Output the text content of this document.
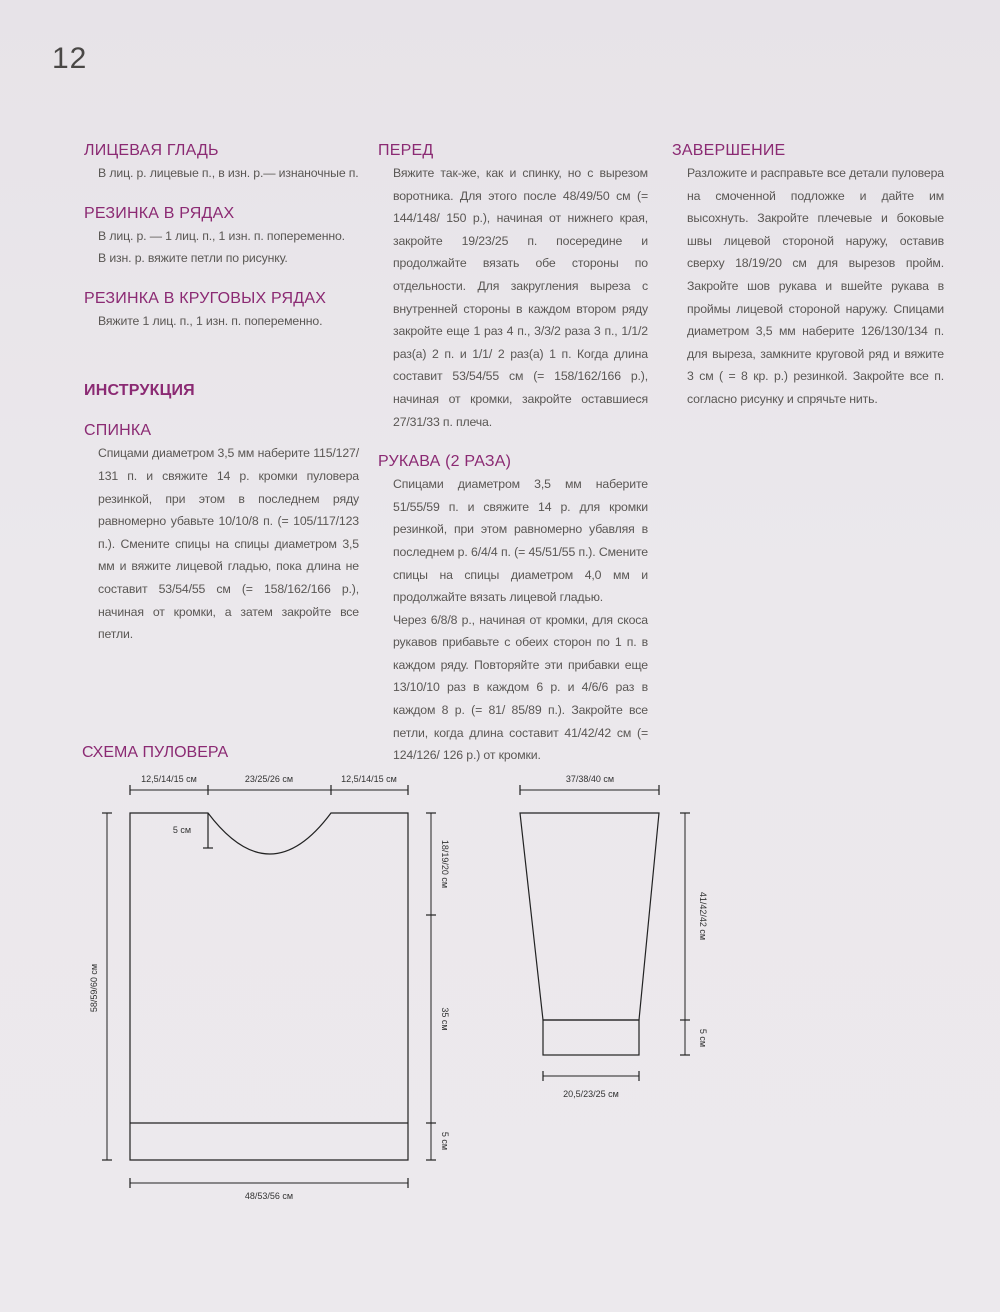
12
ЛИЦЕВАЯ ГЛАДЬ

В лиц. р. лицевые п., в изн. р.— изнаночные п.

РЕЗИНКА В РЯДАХ

В лиц. р. — 1 лиц. п., 1 изн. п. попеременно.

В изн. р. вяжите петли по рисунку.

РЕЗИНКА В КРУГОВЫХ РЯДАХ

Вяжите 1 лиц. п., 1 изн. п. попеременно.

ИНСТРУКЦИЯ
СПИНКА

Спицами диаметром 3,5 мм наберите 115/127/ 131 п. и свяжите 14 р. кромки пуловера резинкой, при этом в последнем ряду равномерно убавьте 10/10/8 п. (= 105/117/123 п.). Смените спицы на спицы диаметром 3,5 мм и вяжите лицевой гладью, пока длина не составит 53/54/55 см (= 158/162/166 р.), начиная от кромки, а затем закройте все петли.

ПЕРЕД

Вяжите так-же, как и спинку, но с вырезом воротника. Для этого после 48/49/50 см (= 144/148/ 150 р.), начиная от нижнего края, закройте 19/23/25 п. посередине и продолжайте вязать обе стороны по отдельности. Для закругления выреза с внутренней стороны в каждом втором ряду закройте еще 1 раз 4 п., 3/3/2 раза 3 п., 1/1/2 раз(а) 2 п. и 1/1/ 2 раз(а) 1 п. Когда длина составит 53/54/55 см (= 158/162/166 р.), начиная от кромки, закройте оставшиеся 27/31/33 п. плеча.

РУКАВА (2 РАЗА)

Спицами диаметром 3,5 мм наберите 51/55/59 п. и свяжите 14 р. для кромки резинкой, при этом равномерно убавляя в последнем р. 6/4/4 п. (= 45/51/55 п.). Смените спицы на спицы диаметром 4,0 мм и продолжайте вязать лицевой гладью.

Через 6/8/8 р., начиная от кромки, для скоса рукавов прибавьте с обеих сторон по 1 п. в каждом ряду. Повторяйте эти прибавки еще 13/10/10 раз в каждом 6 р. и 4/6/6 раз в каждом 8 р. (= 81/ 85/89 п.). Закройте все петли, когда длина составит 41/42/42 см (= 124/126/ 126 р.) от кромки.

ЗАВЕРШЕНИЕ

Разложите и расправьте все детали пуловера на смоченной подложке и дайте им высохнуть. Закройте плечевые и боковые швы лицевой стороной наружу, оставив сверху 18/19/20 см для вырезов пройм. Закройте шов рукава и вшейте рукава в проймы лицевой стороной наружу. Спицами диаметром 3,5 мм наберите 126/130/134 п. для выреза, замкните круговой ряд и вяжите 3 см ( = 8 кр. р.) резинкой. Закройте все п. согласно рисунку и спрячьте нить.

СХЕМА ПУЛОВЕРА
12,5/14/15 см	23/25/26 см	12,5/14/15 см
5 см
48/53/56 см
58/59/60 см
18/19/20 см
35 см
5 см
37/38/40 см
20,5/23/25 см
41/42/42 см
5 см
